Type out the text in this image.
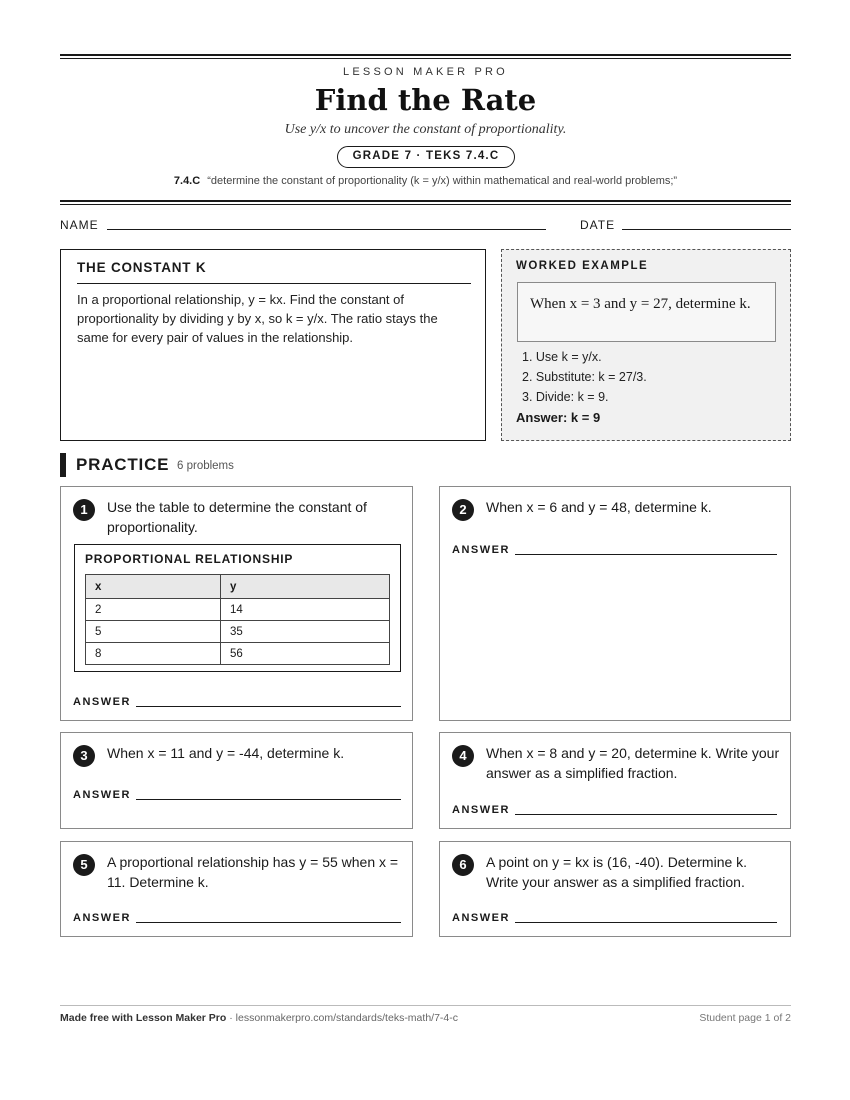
LESSON MAKER PRO
Find the Rate
Use y/x to uncover the constant of proportionality.
GRADE 7 · TEKS 7.4.C
7.4.C “determine the constant of proportionality (k = y/x) within mathematical and real-world problems;”
NAME	DATE
THE CONSTANT K
In a proportional relationship, y = kx. Find the constant of proportionality by dividing y by x, so k = y/x. The ratio stays the same for every pair of values in the relationship.
WORKED EXAMPLE
When x = 3 and y = 27, determine k.
1. Use k = y/x.
2. Substitute: k = 27/3.
3. Divide: k = 9.
Answer: k = 9
PRACTICE 6 problems
1	Use the table to determine the constant of proportionality.
PROPORTIONAL RELATIONSHIP
x	y
2	14
5	35
8	56
ANSWER
2	When x = 6 and y = 48, determine k.
ANSWER
3	When x = 11 and y = -44, determine k.
ANSWER
4	When x = 8 and y = 20, determine k. Write your answer as a simplified fraction.
ANSWER
5	A proportional relationship has y = 55 when x = 11. Determine k.
ANSWER
6	A point on y = kx is (16, -40). Determine k. Write your answer as a simplified fraction.
ANSWER
Made free with Lesson Maker Pro · lessonmakerpro.com/standards/teks-math/7-4-c	Student page 1 of 2
